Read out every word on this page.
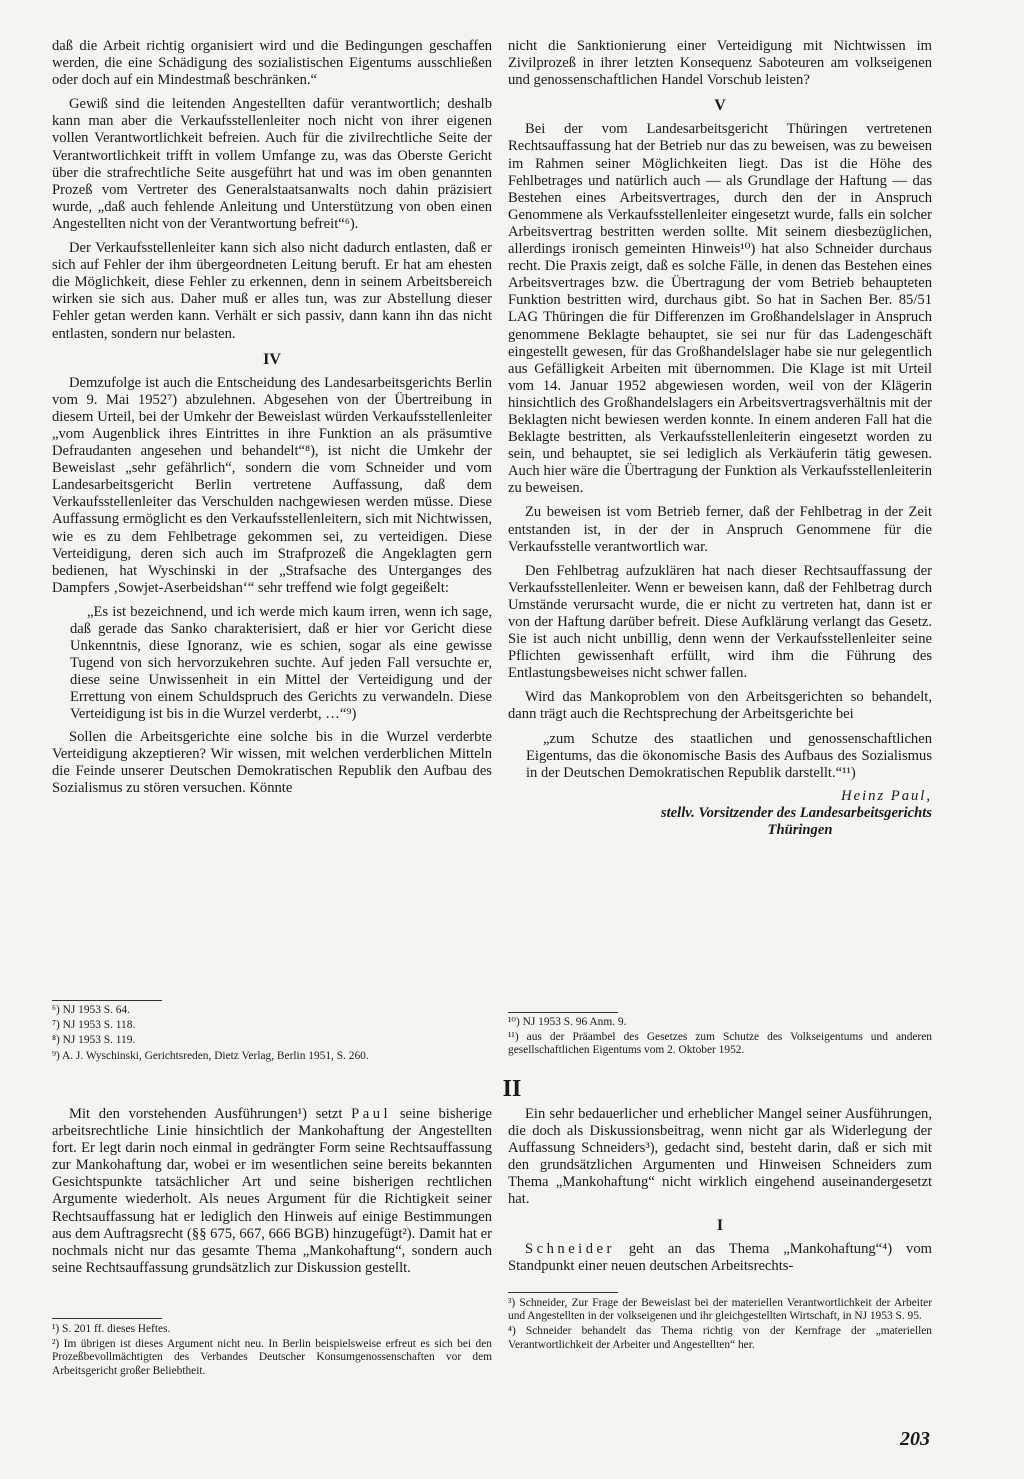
daß die Arbeit richtig organisiert wird und die Bedingungen geschaffen werden, die eine Schädigung des sozialistischen Eigentums ausschließen oder doch auf ein Mindestmaß beschränken.“

Gewiß sind die leitenden Angestellten dafür verantwortlich; deshalb kann man aber die Verkaufsstellenleiter noch nicht von ihrer eigenen vollen Verantwortlichkeit befreien. Auch für die zivilrechtliche Seite der Verantwortlichkeit trifft in vollem Umfange zu, was das Oberste Gericht über die strafrechtliche Seite ausgeführt hat und was im oben genannten Prozeß vom Vertreter des Generalstaatsanwalts noch dahin präzisiert wurde, „daß auch fehlende Anleitung und Unterstützung von oben einen Angestellten nicht von der Verantwortung befreit“⁶).

Der Verkaufsstellenleiter kann sich also nicht dadurch entlasten, daß er sich auf Fehler der ihm übergeordneten Leitung beruft. Er hat am ehesten die Möglichkeit, diese Fehler zu erkennen, denn in seinem Arbeitsbereich wirken sie sich aus. Daher muß er alles tun, was zur Abstellung dieser Fehler getan werden kann. Verhält er sich passiv, dann kann ihn das nicht entlasten, sondern nur belasten.

IV

Demzufolge ist auch die Entscheidung des Landesarbeitsgerichts Berlin vom 9. Mai 1952⁷) abzulehnen. Abgesehen von der Übertreibung in diesem Urteil, bei der Umkehr der Beweislast würden Verkaufsstellenleiter „vom Augenblick ihres Eintrittes in ihre Funktion an als präsumtive Defraudanten angesehen und behandelt“⁸), ist nicht die Umkehr der Beweislast „sehr gefährlich“, sondern die vom Schneider und vom Landesarbeitsgericht Berlin vertretene Auffassung, daß dem Verkaufsstellenleiter das Verschulden nachgewiesen werden müsse. Diese Auffassung ermöglicht es den Verkaufsstellenleitern, sich mit Nichtwissen, wie es zu dem Fehlbetrage gekommen sei, zu verteidigen. Diese Verteidigung, deren sich auch im Strafprozeß die Angeklagten gern bedienen, hat Wyschinski in der „Strafsache des Unterganges des Dampfers ‚Sowjet-Aserbeidshan‘“ sehr treffend wie folgt gegeißelt:

„Es ist bezeichnend, und ich werde mich kaum irren, wenn ich sage, daß gerade das Sanko charakterisiert, daß er hier vor Gericht diese Unkenntnis, diese Ignoranz, wie es schien, sogar als eine gewisse Tugend von sich hervorzukehren suchte. Auf jeden Fall versuchte er, diese seine Unwissenheit in ein Mittel der Verteidigung und der Errettung von einem Schuldspruch des Gerichts zu verwandeln. Diese Verteidigung ist bis in die Wurzel verderbt, …“⁹)

Sollen die Arbeitsgerichte eine solche bis in die Wurzel verderbte Verteidigung akzeptieren? Wir wissen, mit welchen verderblichen Mitteln die Feinde unserer Deutschen Demokratischen Republik den Aufbau des Sozialismus zu stören versuchen. Könnte

⁶) NJ 1953 S. 64.
⁷) NJ 1953 S. 118.
⁸) NJ 1953 S. 119.
⁹) A. J. Wyschinski, Gerichtsreden, Dietz Verlag, Berlin 1951, S. 260.

nicht die Sanktionierung einer Verteidigung mit Nichtwissen im Zivilprozeß in ihrer letzten Konsequenz Saboteuren am volkseigenen und genossenschaftlichen Handel Vorschub leisten?

V

Bei der vom Landesarbeitsgericht Thüringen vertretenen Rechtsauffassung hat der Betrieb nur das zu beweisen, was zu beweisen im Rahmen seiner Möglichkeiten liegt. Das ist die Höhe des Fehlbetrages und natürlich auch — als Grundlage der Haftung — das Bestehen eines Arbeitsvertrages, durch den der in Anspruch Genommene als Verkaufsstellenleiter eingesetzt wurde, falls ein solcher Arbeitsvertrag bestritten werden sollte. Mit seinem diesbezüglichen, allerdings ironisch gemeinten Hinweis¹⁰) hat also Schneider durchaus recht. Die Praxis zeigt, daß es solche Fälle, in denen das Bestehen eines Arbeitsvertrages bzw. die Übertragung der vom Betrieb behaupteten Funktion bestritten wird, durchaus gibt. So hat in Sachen Ber. 85/51 LAG Thüringen die für Differenzen im Großhandelslager in Anspruch genommene Beklagte behauptet, sie sei nur für das Ladengeschäft eingestellt gewesen, für das Großhandelslager habe sie nur gelegentlich aus Gefälligkeit Arbeiten mit übernommen. Die Klage ist mit Urteil vom 14. Januar 1952 abgewiesen worden, weil von der Klägerin hinsichtlich des Großhandelslagers ein Arbeitsvertragsverhältnis mit der Beklagten nicht bewiesen werden konnte. In einem anderen Fall hat die Beklagte bestritten, als Verkaufsstellenleiterin eingesetzt worden zu sein, und behauptet, sie sei lediglich als Verkäuferin tätig gewesen. Auch hier wäre die Übertragung der Funktion als Verkaufsstellenleiterin zu beweisen.

Zu beweisen ist vom Betrieb ferner, daß der Fehlbetrag in der Zeit entstanden ist, in der der in Anspruch Genommene für die Verkaufsstelle verantwortlich war.

Den Fehlbetrag aufzuklären hat nach dieser Rechtsauffassung der Verkaufsstellenleiter. Wenn er beweisen kann, daß der Fehlbetrag durch Umstände verursacht wurde, die er nicht zu vertreten hat, dann ist er von der Haftung darüber befreit. Diese Aufklärung verlangt das Gesetz. Sie ist auch nicht unbillig, denn wenn der Verkaufsstellenleiter seine Pflichten gewissenhaft erfüllt, wird ihm die Führung des Entlastungsbeweises nicht schwer fallen.

Wird das Mankoproblem von den Arbeitsgerichten so behandelt, dann trägt auch die Rechtsprechung der Arbeitsgerichte bei

„zum Schutze des staatlichen und genossenschaftlichen Eigentums, das die ökonomische Basis des Aufbaus des Sozialismus in der Deutschen Demokratischen Republik darstellt.“¹¹)

Heinz Paul,
stellv. Vorsitzender des Landesarbeitsgerichts
Thüringen
¹⁰) NJ 1953 S. 96 Anm. 9.
¹¹) aus der Präambel des Gesetzes zum Schutze des Volkseigentums und anderen gesellschaftlichen Eigentums vom 2. Oktober 1952.
II

Mit den vorstehenden Ausführungen¹) setzt Paul seine bisherige arbeitsrechtliche Linie hinsichtlich der Mankohaftung der Angestellten fort. Er legt darin noch einmal in gedrängter Form seine Rechtsauffassung zur Mankohaftung dar, wobei er im wesentlichen seine bereits bekannten Gesichtspunkte tatsächlicher Art und seine bisherigen rechtlichen Argumente wiederholt. Als neues Argument für die Richtigkeit seiner Rechtsauffassung hat er lediglich den Hinweis auf einige Bestimmungen aus dem Auftragsrecht (§§ 675, 667, 666 BGB) hinzugefügt²). Damit hat er nochmals nicht nur das gesamte Thema „Mankohaftung“, sondern auch seine Rechtsauffassung grundsätzlich zur Diskussion gestellt.

¹) S. 201 ff. dieses Heftes.
²) Im übrigen ist dieses Argument nicht neu. In Berlin beispielsweise erfreut es sich bei den Prozeßbevollmächtigten des Verbandes Deutscher Konsumgenossenschaften vor dem Arbeitsgericht großer Beliebtheit.

Ein sehr bedauerlicher und erheblicher Mangel seiner Ausführungen, die doch als Diskussionsbeitrag, wenn nicht gar als Widerlegung der Auffassung Schneiders³), gedacht sind, besteht darin, daß er sich mit den grundsätzlichen Argumenten und Hinweisen Schneiders zum Thema „Mankohaftung“ nicht wirklich eingehend auseinandergesetzt hat.

I

Schneider geht an das Thema „Mankohaftung“⁴) vom Standpunkt einer neuen deutschen Arbeitsrechts-

³) Schneider, Zur Frage der Beweislast bei der materiellen Verantwortlichkeit der Arbeiter und Angestellten in der volkseigenen und ihr gleichgestellten Wirtschaft, in NJ 1953 S. 95.
⁴) Schneider behandelt das Thema richtig von der Kernfrage der „materiellen Verantwortlichkeit der Arbeiter und Angestellten“ her.
203
